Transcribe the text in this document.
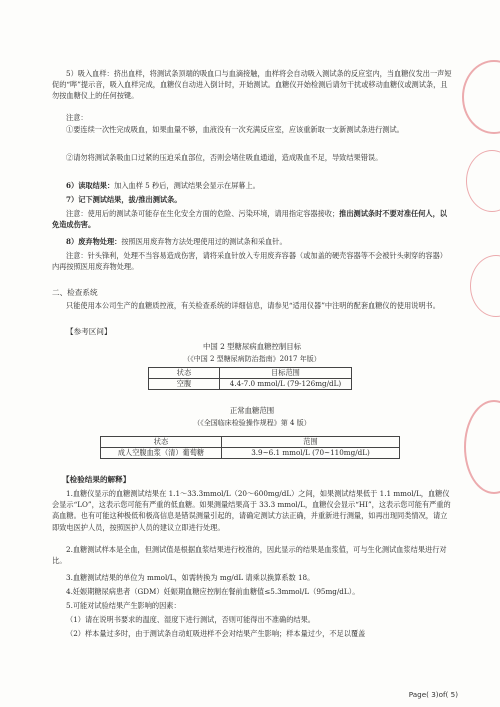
5）吸入血样：挤出血样，将测试条顶端的吸血口与血滴接触，血样将会自动吸入测试条的反应室内，当血糖仪发出一声短促的“哔”提示音，吸入血样完成，血糖仪自动进入倒计时，开始测试。血糖仪开始检测后请勿干扰或移动血糖仪或测试条，且勿按血糖仪上的任何按键。

注意：

①要连续一次性完成吸血，如果血量不够，血液没有一次充满反应室，应该重新取一支新测试条进行测试。

②请勿将测试条吸血口过紧的压迫采血部位，否则会堵住吸血通道，造成吸血不足，导致结果错误。

6）读取结果：加入血样 5 秒后，测试结果会显示在屏幕上。

7）记下测试结果，拔/推出测试条。

注意：使用后的测试条可能存在生化安全方面的危险、污染环境，请用指定容器接收；推出测试条时不要对准任何人，以免造成伤害。

8）废弃物处理：按照医用废弃物方法处理使用过的测试条和采血针。

注意：针头锋利，处理不当容易造成伤害，请将采血针放入专用废弃容器（或加盖的硬壳容器等不会被针头刺穿的容器）内再按照医用废弃物处理。

二、检查系统

只能使用本公司生产的血糖质控液，有关检查系统的详细信息，请参见“适用仪器”中注明的配套血糖仪的使用说明书。

【参考区间】

中国 2 型糖尿病血糖控制目标

（《中国 2 型糖尿病防治指南》2017 年版）

状态	目标范围
空腹	4.4-7.0 mmol/L (79-126mg/dL)

正常血糖范围

（《全国临床检验操作规程》第 4 版）

状态	范围
成人空腹血浆（清）葡萄糖	3.9~6.1 mmol/L (70~110mg/dL)

【检验结果的解释】

1.血糖仪显示的血糖测试结果在 1.1～33.3mmol/L（20～600mg/dL）之间，如果测试结果低于 1.1 mmol/L，血糖仪会显示“LO”，这表示您可能有严重的低血糖。如果测量结果高于 33.3 mmol/L，血糖仪会显示“HI”，这表示您可能有严重的高血糖。也有可能这种极低和极高信息是错误测量引起的，请确定测试方法正确，并重新进行测量，如再出现同类情况，请立即致电医护人员，按照医护人员的建议立即进行处理。

2.血糖测试样本是全血，但测试值是根据血浆结果进行校准的，因此显示的结果是血浆值，可与生化测试血浆结果进行对比。

3.血糖测试结果的单位为 mmol/L，如需转换为 mg/dL 请乘以换算系数 18。

4.妊娠期糖尿病患者（GDM）妊娠期血糖应控制在餐前血糖值≤5.3mmol/L（95mg/dL）。

5.可能对试验结果产生影响的因素：

（1）请在说明书要求的温度、湿度下进行测试，否则可能得出不准确的结果。

（2）样本量过多时，由于测试条自动虹吸进样不会对结果产生影响；样本量过少，不足以覆盖

Page( 3)of( 5)
